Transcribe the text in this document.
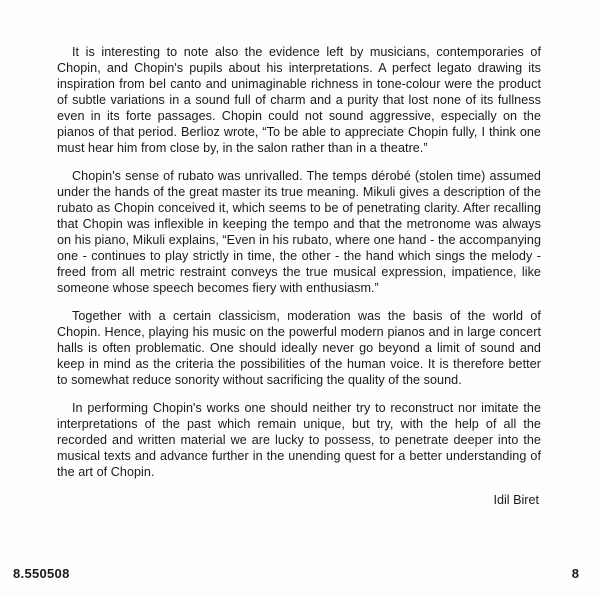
It is interesting to note also the evidence left by musicians, contemporaries of Chopin, and Chopin's pupils about his interpretations. A perfect legato drawing its inspiration from bel canto and unimaginable richness in tone-colour were the product of subtle variations in a sound full of charm and a purity that lost none of its fullness even in its forte passages. Chopin could not sound aggressive, especially on the pianos of that period. Berlioz wrote, “To be able to appreciate Chopin fully, I think one must hear him from close by, in the salon rather than in a theatre.”

Chopin's sense of rubato was unrivalled. The temps dérobé (stolen time) assumed under the hands of the great master its true meaning. Mikuli gives a description of the rubato as Chopin conceived it, which seems to be of penetrating clarity. After recalling that Chopin was inflexible in keeping the tempo and that the metronome was always on his piano, Mikuli explains, “Even in his rubato, where one hand - the accompanying one - continues to play strictly in time, the other - the hand which sings the melody - freed from all metric restraint conveys the true musical expression, impatience, like someone whose speech becomes fiery with enthusiasm.”

Together with a certain classicism, moderation was the basis of the world of Chopin. Hence, playing his music on the powerful modern pianos and in large concert halls is often problematic. One should ideally never go beyond a limit of sound and keep in mind as the criteria the possibilities of the human voice. It is therefore better to somewhat reduce sonority without sacrificing the quality of the sound.

In performing Chopin's works one should neither try to reconstruct nor imitate the interpretations of the past which remain unique, but try, with the help of all the recorded and written material we are lucky to possess, to penetrate deeper into the musical texts and advance further in the unending quest for a better understanding of the art of Chopin.

Idil Biret

8.550508	8
